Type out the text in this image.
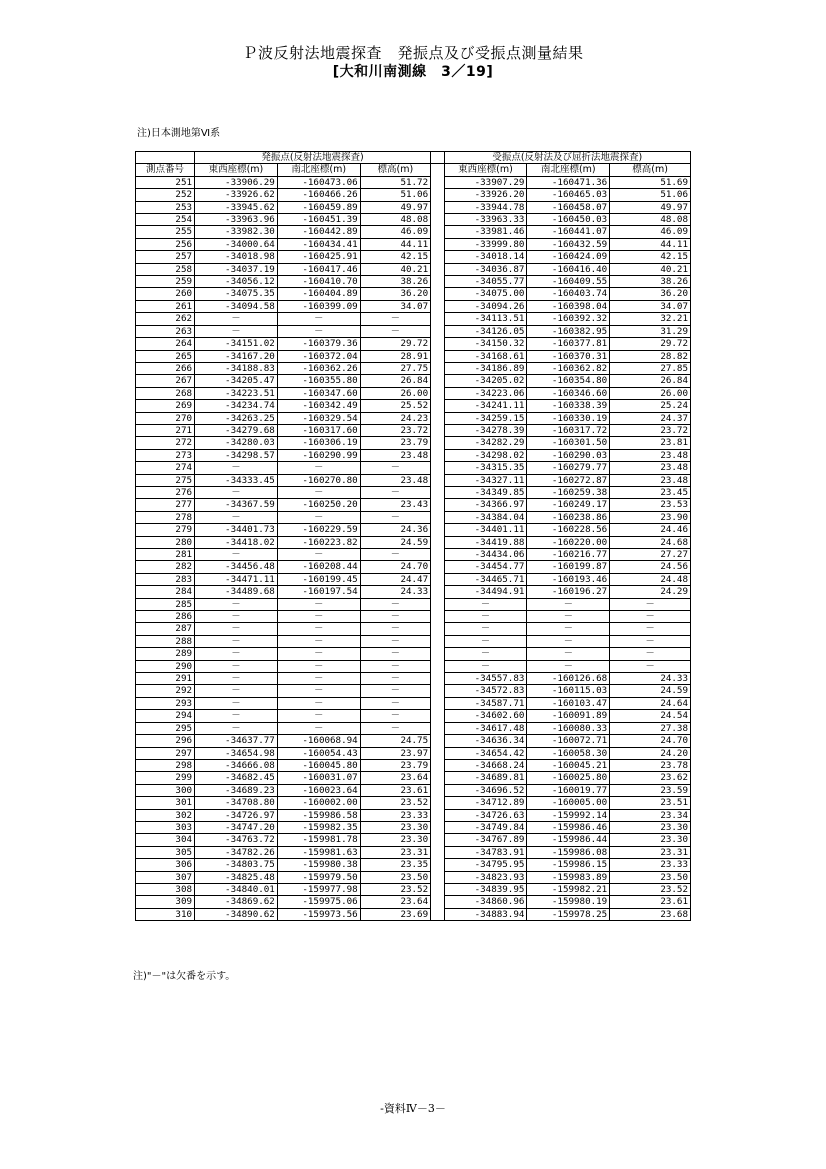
Ｐ波反射法地震探査　発振点及び受振点測量結果
[大和川南測線　3／19]
注)日本測地第Ⅵ系
	発振点(反射法地震探査)				受振点(反射法及び屈折法地震探査)		
測点番号	東西座標(m)	南北座標(m)	標高(m)		東西座標(m)	南北座標(m)	標高(m)
251	-33906.29	-160473.06	51.72		-33907.29	-160471.36	51.69
252	-33926.62	-160466.26	51.06		-33926.20	-160465.03	51.06
253	-33945.62	-160459.89	49.97		-33944.78	-160458.07	49.97
254	-33963.96	-160451.39	48.08		-33963.33	-160450.03	48.08
255	-33982.30	-160442.89	46.09		-33981.46	-160441.07	46.09
256	-34000.64	-160434.41	44.11		-33999.80	-160432.59	44.11
257	-34018.98	-160425.91	42.15		-34018.14	-160424.09	42.15
258	-34037.19	-160417.46	40.21		-34036.87	-160416.40	40.21
259	-34056.12	-160410.70	38.26		-34055.77	-160409.55	38.26
260	-34075.35	-160404.89	36.20		-34075.00	-160403.74	36.20
261	-34094.58	-160399.09	34.07		-34094.26	-160398.04	34.07
262	－	－	－		-34113.51	-160392.32	32.21
263	－	－	－		-34126.05	-160382.95	31.29
264	-34151.02	-160379.36	29.72		-34150.32	-160377.81	29.72
265	-34167.20	-160372.04	28.91		-34168.61	-160370.31	28.82
266	-34188.83	-160362.26	27.75		-34186.89	-160362.82	27.85
267	-34205.47	-160355.80	26.84		-34205.02	-160354.80	26.84
268	-34223.51	-160347.60	26.00		-34223.06	-160346.60	26.00
269	-34234.74	-160342.49	25.52		-34241.11	-160338.39	25.24
270	-34263.25	-160329.54	24.23		-34259.15	-160330.19	24.37
271	-34279.68	-160317.60	23.72		-34278.39	-160317.72	23.72
272	-34280.03	-160306.19	23.79		-34282.29	-160301.50	23.81
273	-34298.57	-160290.99	23.48		-34298.02	-160290.03	23.48
274	－	－	－		-34315.35	-160279.77	23.48
275	-34333.45	-160270.80	23.48		-34327.11	-160272.87	23.48
276	－	－	－		-34349.85	-160259.38	23.45
277	-34367.59	-160250.20	23.43		-34366.97	-160249.17	23.53
278	－	－	－		-34384.04	-160238.86	23.90
279	-34401.73	-160229.59	24.36		-34401.11	-160228.56	24.46
280	-34418.02	-160223.82	24.59		-34419.88	-160220.00	24.68
281	－	－	－		-34434.06	-160216.77	27.27
282	-34456.48	-160208.44	24.70		-34454.77	-160199.87	24.56
283	-34471.11	-160199.45	24.47		-34465.71	-160193.46	24.48
284	-34489.68	-160197.54	24.33		-34494.91	-160196.27	24.29
285	－	－	－		－	－	－
286	－	－	－		－	－	－
287	－	－	－		－	－	－
288	－	－	－		－	－	－
289	－	－	－		－	－	－
290	－	－	－		－	－	－
291	－	－	－		-34557.83	-160126.68	24.33
292	－	－	－		-34572.83	-160115.03	24.59
293	－	－	－		-34587.71	-160103.47	24.64
294	－	－	－		-34602.60	-160091.89	24.54
295	－	－	－		-34617.48	-160080.33	27.38
296	-34637.77	-160068.94	24.75		-34636.34	-160072.71	24.70
297	-34654.98	-160054.43	23.97		-34654.42	-160058.30	24.20
298	-34666.08	-160045.80	23.79		-34668.24	-160045.21	23.78
299	-34682.45	-160031.07	23.64		-34689.81	-160025.80	23.62
300	-34689.23	-160023.64	23.61		-34696.52	-160019.77	23.59
301	-34708.80	-160002.00	23.52		-34712.89	-160005.00	23.51
302	-34726.97	-159986.58	23.33		-34726.63	-159992.14	23.34
303	-34747.20	-159982.35	23.30		-34749.84	-159986.46	23.30
304	-34763.72	-159981.78	23.30		-34767.89	-159986.44	23.30
305	-34782.26	-159981.63	23.31		-34783.91	-159986.08	23.31
306	-34803.75	-159980.38	23.35		-34795.95	-159986.15	23.33
307	-34825.48	-159979.50	23.50		-34823.93	-159983.89	23.50
308	-34840.01	-159977.98	23.52		-34839.95	-159982.21	23.52
309	-34869.62	-159975.06	23.64		-34860.96	-159980.19	23.61
310	-34890.62	-159973.56	23.69		-34883.94	-159978.25	23.68
注)"－"は欠番を示す。
-資料Ⅳ－3－
